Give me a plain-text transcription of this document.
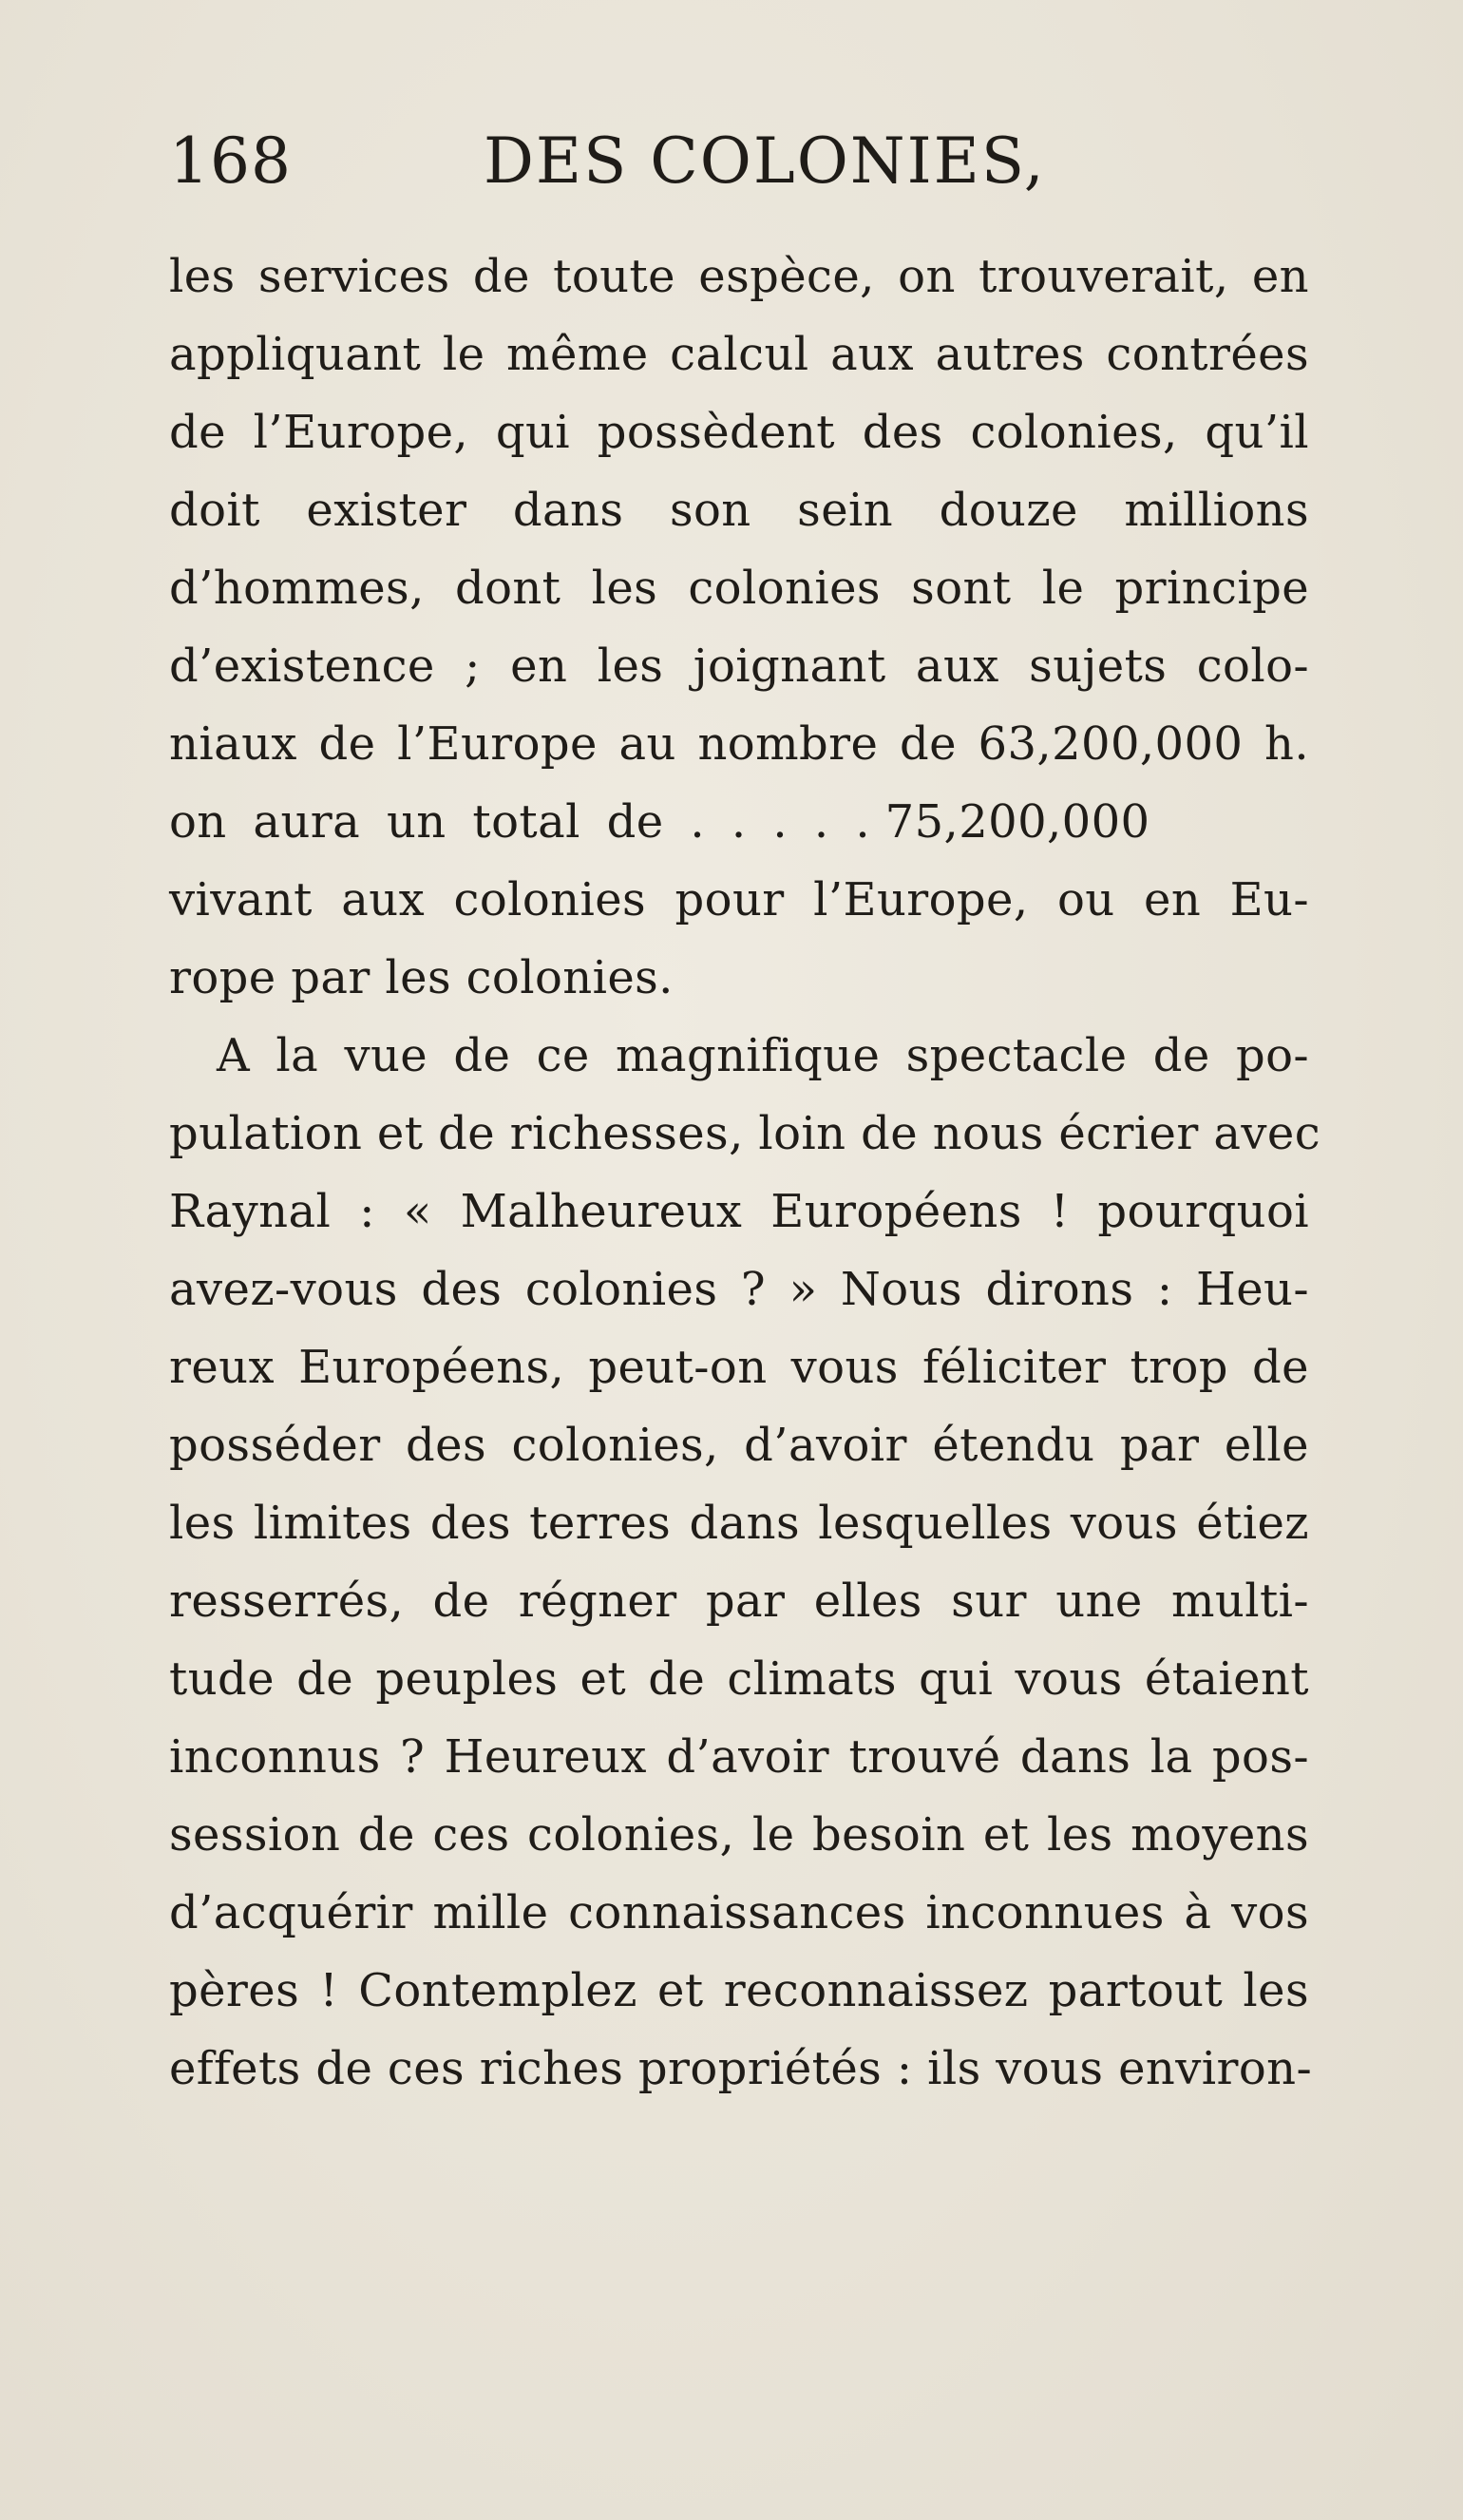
168	DES COLONIES,
les services de toute espèce, on trouverait, en
appliquant le même calcul aux autres contrées
de l’Europe, qui possèdent des colonies, qu’il
doit exister dans son sein douze millions
d’hommes, dont les colonies sont le principe
d’existence ; en les joignant aux sujets colo-
niaux de l’Europe au nombre de 63,200,000 h.
on aura un total de . . . . . 75,200,000
vivant aux colonies pour l’Europe, ou en Eu-
rope par les colonies.
A la vue de ce magnifique spectacle de po-
pulation et de richesses, loin de nous écrier avec
Raynal : « Malheureux Européens ! pourquoi
avez-vous des colonies ? » Nous dirons : Heu-
reux Européens, peut-on vous féliciter trop de
posséder des colonies, d’avoir étendu par elle
les limites des terres dans lesquelles vous étiez
resserrés, de régner par elles sur une multi-
tude de peuples et de climats qui vous étaient
inconnus ? Heureux d’avoir trouvé dans la pos-
session de ces colonies, le besoin et les moyens
d’acquérir mille connaissances inconnues à vos
pères ! Contemplez et reconnaissez partout les
effets de ces riches propriétés : ils vous environ-
